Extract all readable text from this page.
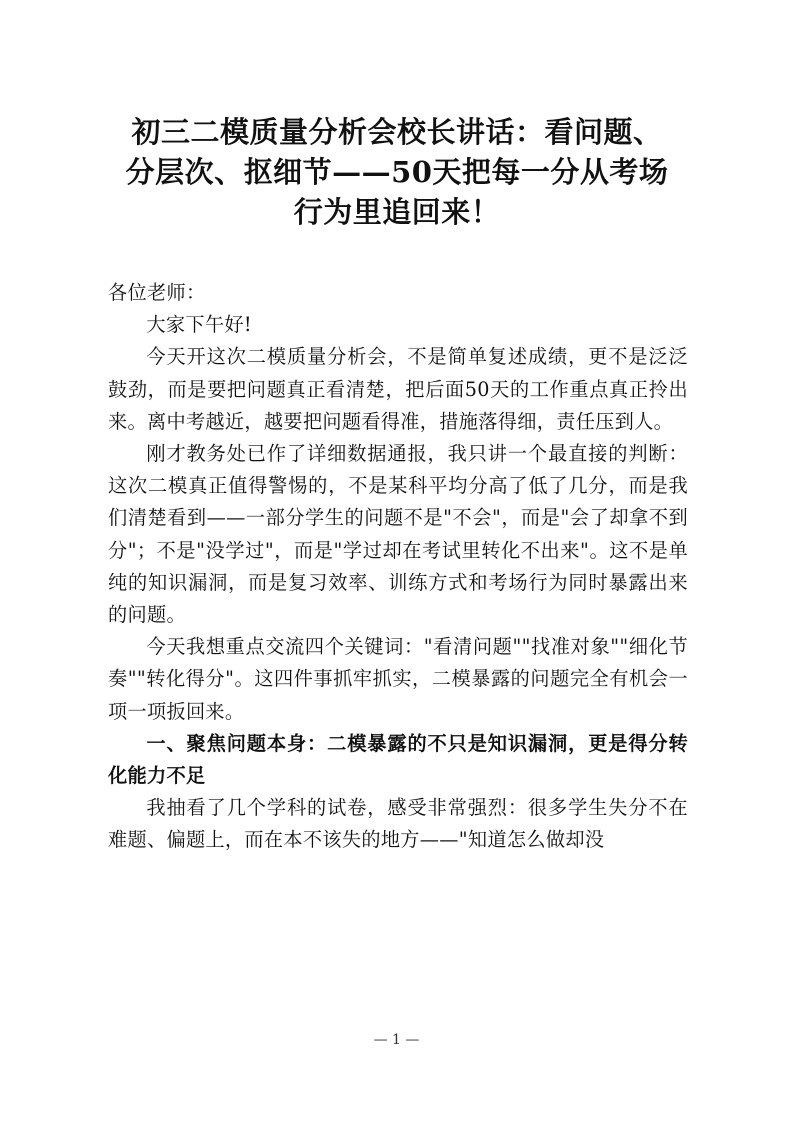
初三二模质量分析会校长讲话：看问题、
分层次、抠细节——50天把每一分从考场
行为里追回来！

各位老师：

大家下午好!

今天开这次二模质量分析会，不是简单复述成绩，更不是泛泛鼓劲，而是要把问题真正看清楚，把后面50天的工作重点真正拎出来。离中考越近，越要把问题看得准，措施落得细，责任压到人。

刚才教务处已作了详细数据通报，我只讲一个最直接的判断：这次二模真正值得警惕的，不是某科平均分高了低了几分，而是我们清楚看到——一部分学生的问题不是"不会"，而是"会了却拿不到分"；不是"没学过"，而是"学过却在考试里转化不出来"。这不是单纯的知识漏洞，而是复习效率、训练方式和考场行为同时暴露出来的问题。

今天我想重点交流四个关键词："看清问题""找准对象""细化节奏""转化得分"。这四件事抓牢抓实，二模暴露的问题完全有机会一项一项扳回来。

一、聚焦问题本身：二模暴露的不只是知识漏洞，更是得分转化能力不足

我抽看了几个学科的试卷，感受非常强烈：很多学生失分不在难题、偏题上，而在本不该失的地方——"知道怎么做却没

— 1 —
